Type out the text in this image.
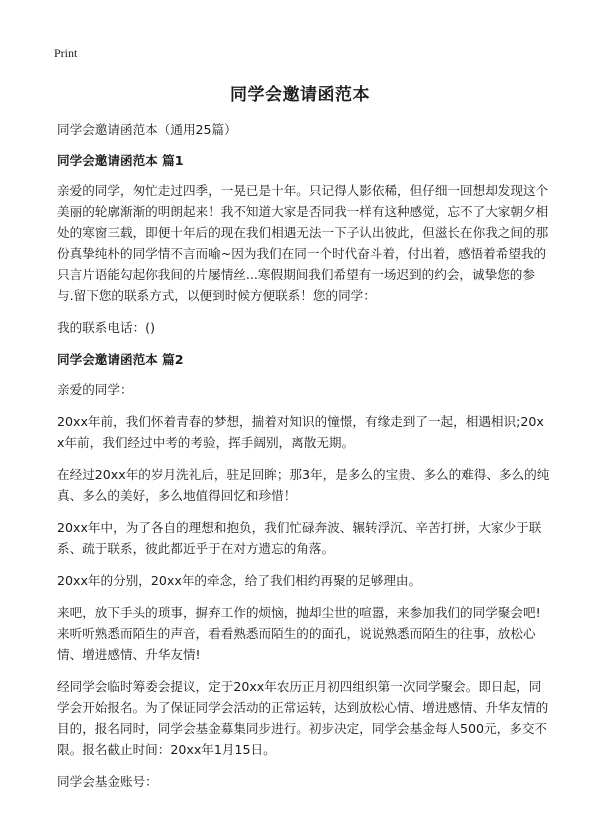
Print
同学会邀请函范本

同学会邀请函范本（通用25篇）

同学会邀请函范本 篇1

亲爱的同学，匆忙走过四季，一晃已是十年。只记得人影依稀，但仔细一回想却发现这个美丽的轮廓渐渐的明朗起来！我不知道大家是否同我一样有这种感觉，忘不了大家朝夕相处的寒窗三载，即便十年后的现在我们相遇无法一下子认出彼此，但滋长在你我之间的那份真挚纯朴的同学情不言而喻~因为我们在同一个时代奋斗着，付出着，感悟着希望我的只言片语能勾起你我间的片屡情丝...寒假期间我们希望有一场迟到的约会，诚挚您的参与.留下您的联系方式，以便到时候方便联系！您的同学：

我的联系电话：()

同学会邀请函范本 篇2

亲爱的同学：

20xx年前，我们怀着青春的梦想，揣着对知识的憧憬，有缘走到了一起，相遇相识;20xx年前，我们经过中考的考验，挥手阔别，离散无期。

在经过20xx年的岁月洗礼后，驻足回眸；那3年，是多么的宝贵、多么的难得、多么的纯真、多么的美好，多么地值得回忆和珍惜！

20xx年中，为了各自的理想和抱负，我们忙碌奔波、辗转浮沉、辛苦打拼，大家少于联系、疏于联系，彼此都近乎于在对方遗忘的角落。

20xx年的分别，20xx年的牵念，给了我们相约再聚的足够理由。

来吧，放下手头的琐事，摒弃工作的烦恼，抛却尘世的喧嚣，来参加我们的同学聚会吧!来听听熟悉而陌生的声音，看看熟悉而陌生的的面孔，说说熟悉而陌生的往事，放松心情、增进感情、升华友情!

经同学会临时筹委会提议，定于20xx年农历正月初四组织第一次同学聚会。即日起，同学会开始报名。为了保证同学会活动的正常运转，达到放松心情、增进感情、升华友情的目的，报名同时，同学会基金募集同步进行。初步决定，同学会基金每人500元，多交不限。报名截止时间：20xx年1月15日。

同学会基金账号：
